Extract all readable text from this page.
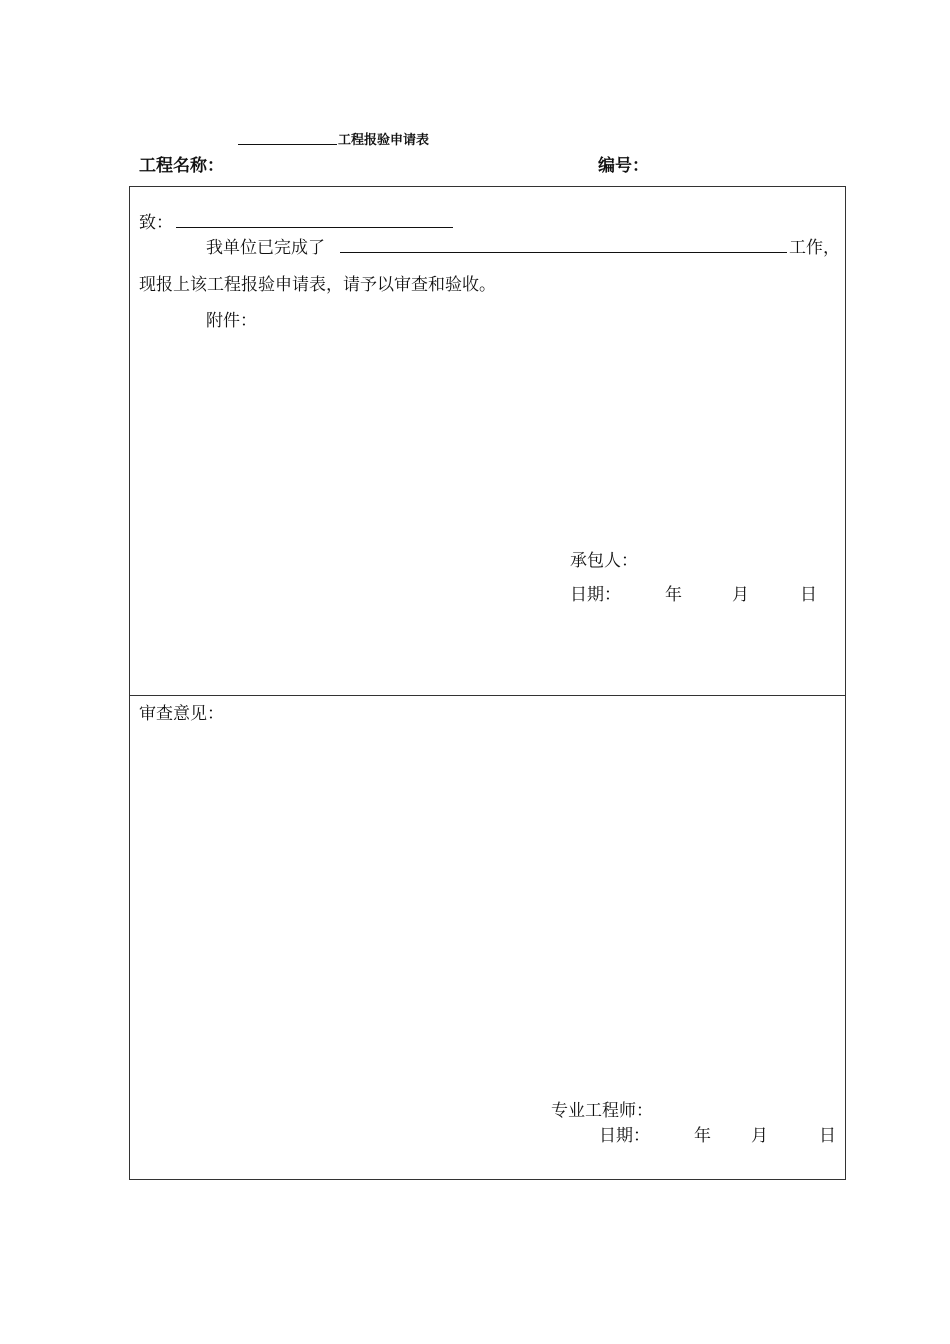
工程报验申请表
工程名称：	编号：
致：
我单位已完成了	工作，
现报上该工程报验申请表，请予以审查和验收。
附件：
承包人：
日期：	年	月	日
审查意见：
专业工程师：
日期：	年 月	日
